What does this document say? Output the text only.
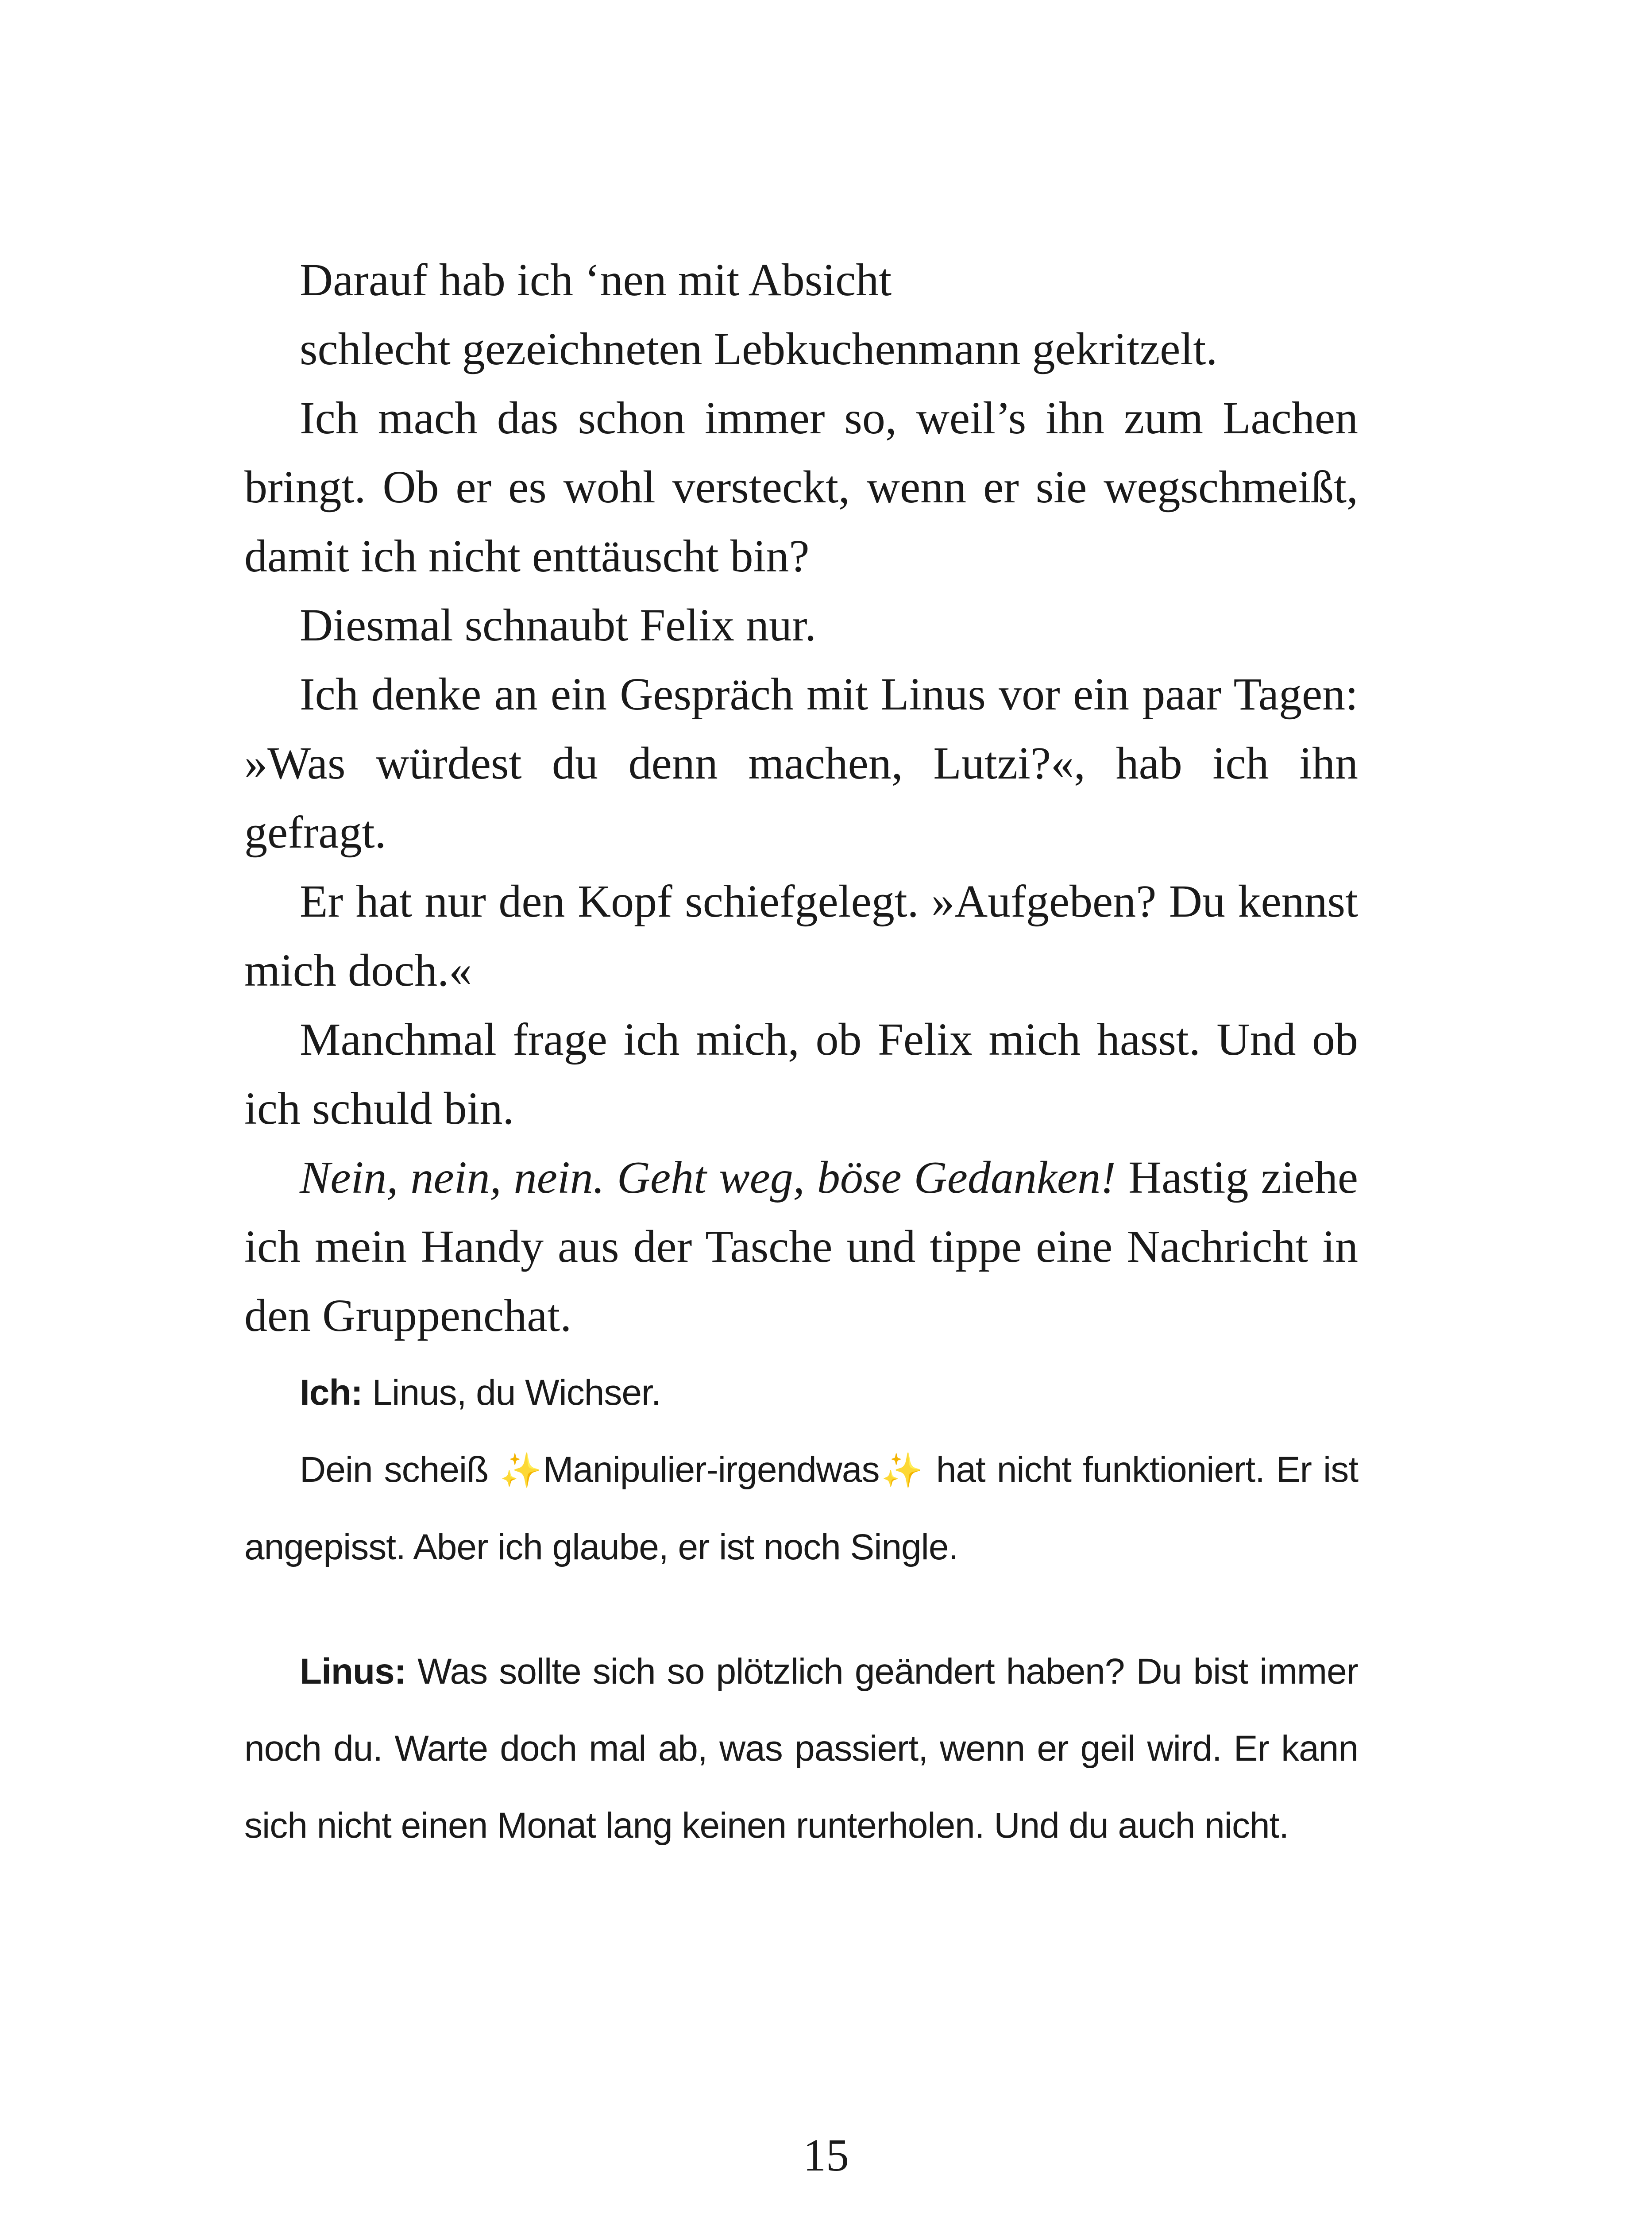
Darauf hab ich ‘nen mit Absicht

schlecht gezeichneten Lebkuchenmann gekritzelt.

Ich mach das schon immer so, weil’s ihn zum Lachen bringt. Ob er es wohl versteckt, wenn er sie wegschmeißt, damit ich nicht enttäuscht bin?

Diesmal schnaubt Felix nur.

Ich denke an ein Gespräch mit Linus vor ein paar Tagen: »Was würdest du denn machen, Lutzi?«, hab ich ihn gefragt.

Er hat nur den Kopf schiefgelegt. »Aufgeben? Du kennst mich doch.«

Manchmal frage ich mich, ob Felix mich hasst. Und ob ich schuld bin.

Nein, nein, nein. Geht weg, böse Gedanken! Hastig ziehe ich mein Handy aus der Tasche und tippe eine Nachricht in den Gruppenchat.

Ich: Linus, du Wichser.

Dein scheiß ✨Manipulier-irgendwas✨ hat nicht funktioniert. Er ist angepisst. Aber ich glaube, er ist noch Single.

Linus: Was sollte sich so plötzlich geändert haben? Du bist immer noch du. Warte doch mal ab, was passiert, wenn er geil wird. Er kann sich nicht einen Monat lang keinen runterholen. Und du auch nicht.

15
